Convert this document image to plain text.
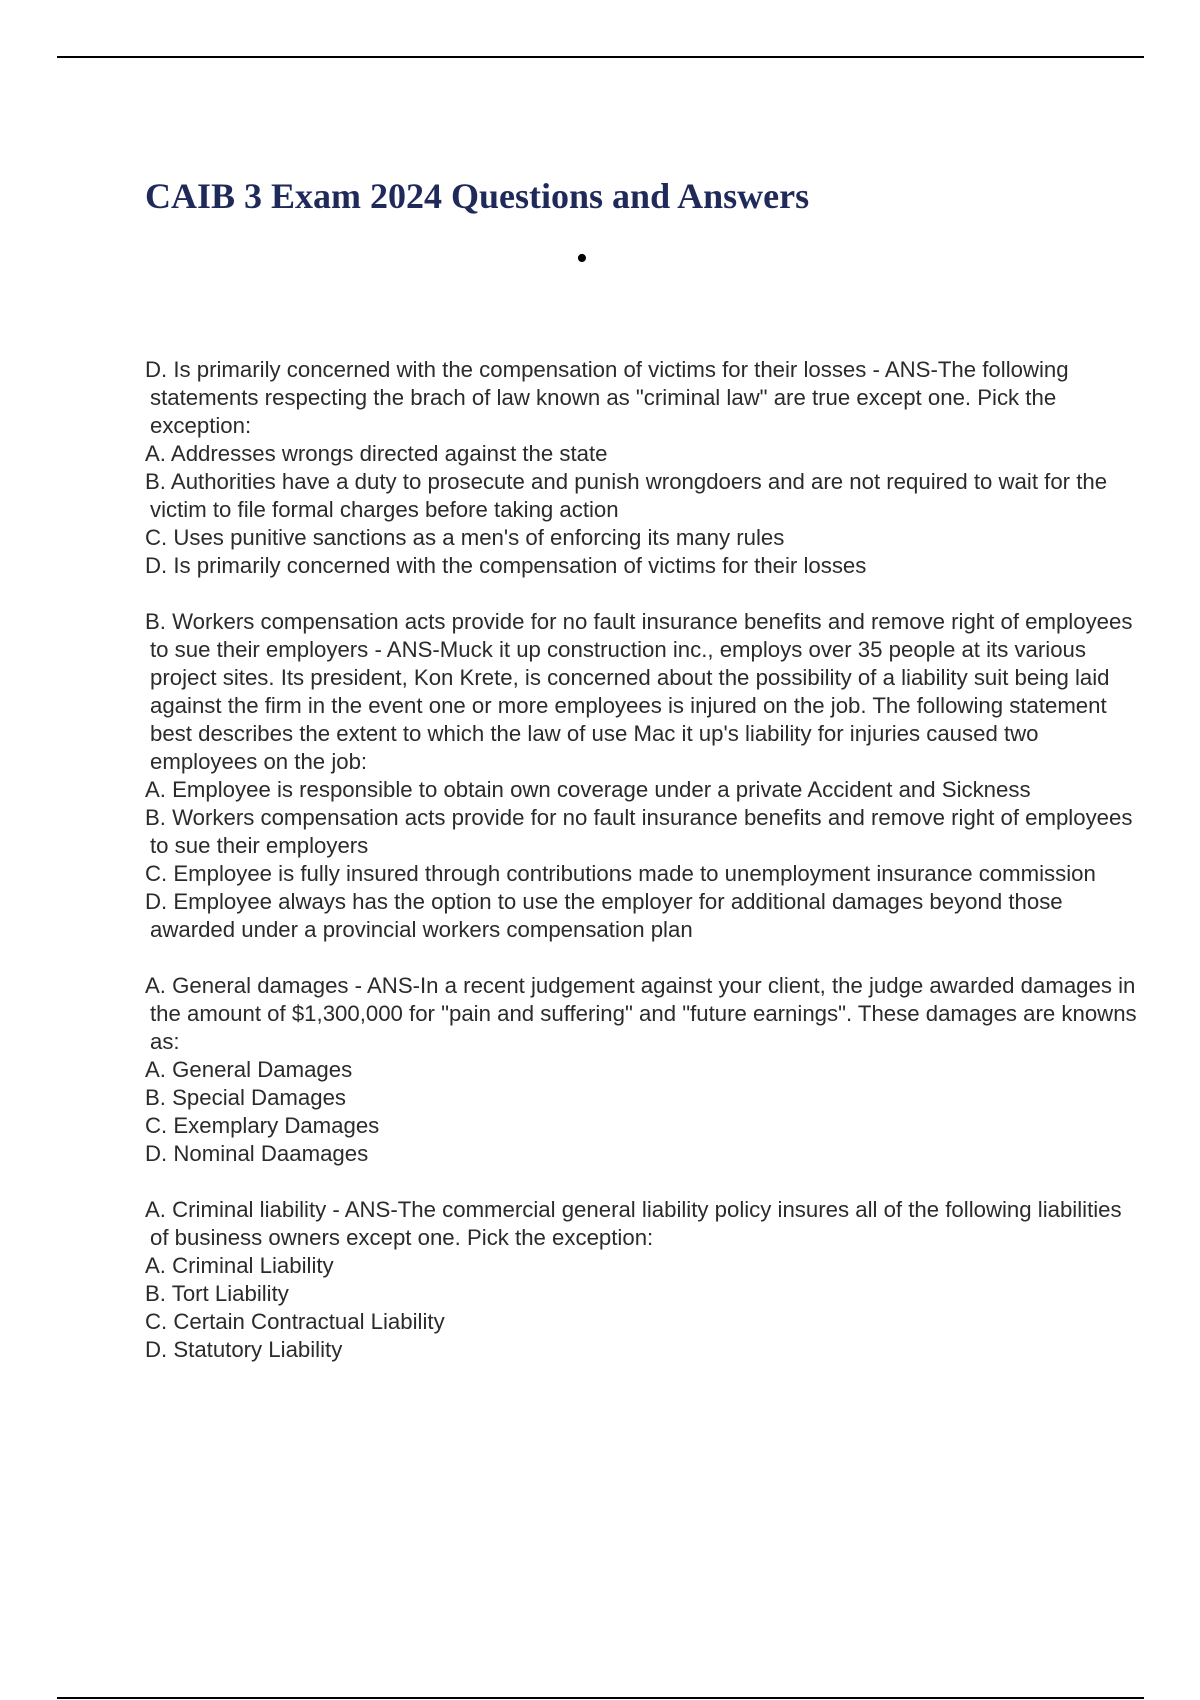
CAIB 3 Exam 2024 Questions and Answers
•

D. Is primarily concerned with the compensation of victims for their losses - ANS-The following statements respecting the brach of law known as "criminal law" are true except one. Pick the exception:

A. Addresses wrongs directed against the state

B. Authorities have a duty to prosecute and punish wrongdoers and are not required to wait for the victim to file formal charges before taking action

C. Uses punitive sanctions as a men's of enforcing its many rules

D. Is primarily concerned with the compensation of victims for their losses

B. Workers compensation acts provide for no fault insurance benefits and remove right of employees to sue their employers - ANS-Muck it up construction inc., employs over 35 people at its various project sites. Its president, Kon Krete, is concerned about the possibility of a liability suit being laid against the firm in the event one or more employees is injured on the job. The following statement best describes the extent to which the law of use Mac it up's liability for injuries caused two employees on the job:

A. Employee is responsible to obtain own coverage under a private Accident and Sickness

B. Workers compensation acts provide for no fault insurance benefits and remove right of employees to sue their employers

C. Employee is fully insured through contributions made to unemployment insurance commission

D. Employee always has the option to use the employer for additional damages beyond those awarded under a provincial workers compensation plan

A. General damages - ANS-In a recent judgement against your client, the judge awarded damages in the amount of $1,300,000 for "pain and suffering" and "future earnings". These damages are knowns as:

A. General Damages

B. Special Damages

C. Exemplary Damages

D. Nominal Daamages

A. Criminal liability - ANS-The commercial general liability policy insures all of the following liabilities of business owners except one. Pick the exception:

A. Criminal Liability

B. Tort Liability

C. Certain Contractual Liability

D. Statutory Liability
